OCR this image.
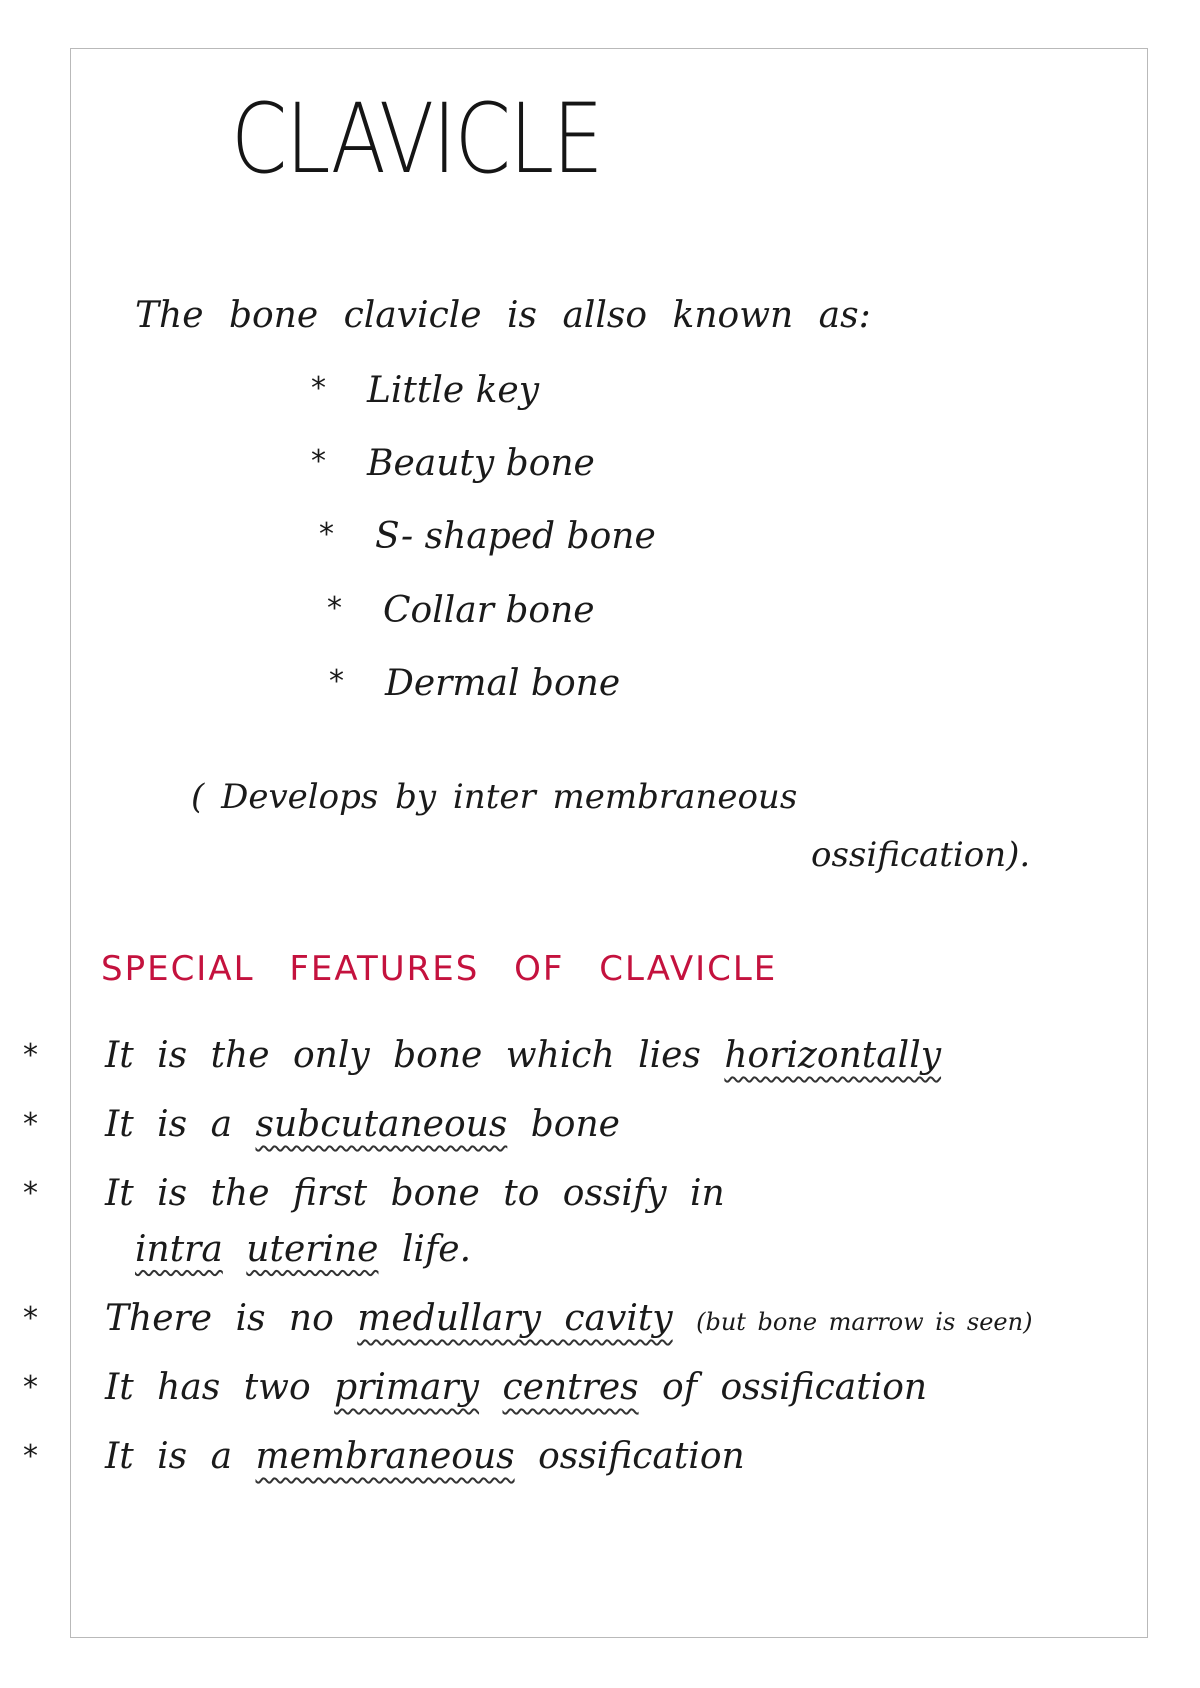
CLAVICLE
The bone clavicle is allso known as:
* Little key
* Beauty bone
* S- shaped bone
* Collar bone
* Dermal bone
( Develops by inter membraneous
ossification).
SPECIAL FEATURES OF CLAVICLE
* It is the only bone which lies horizontally
* It is a subcutaneous bone
* It is the first bone to ossify in
intra uterine life.
* There is no medullary cavity (but bone marrow is seen)
* It has two primary centres of ossification
* It is a membraneous ossification
